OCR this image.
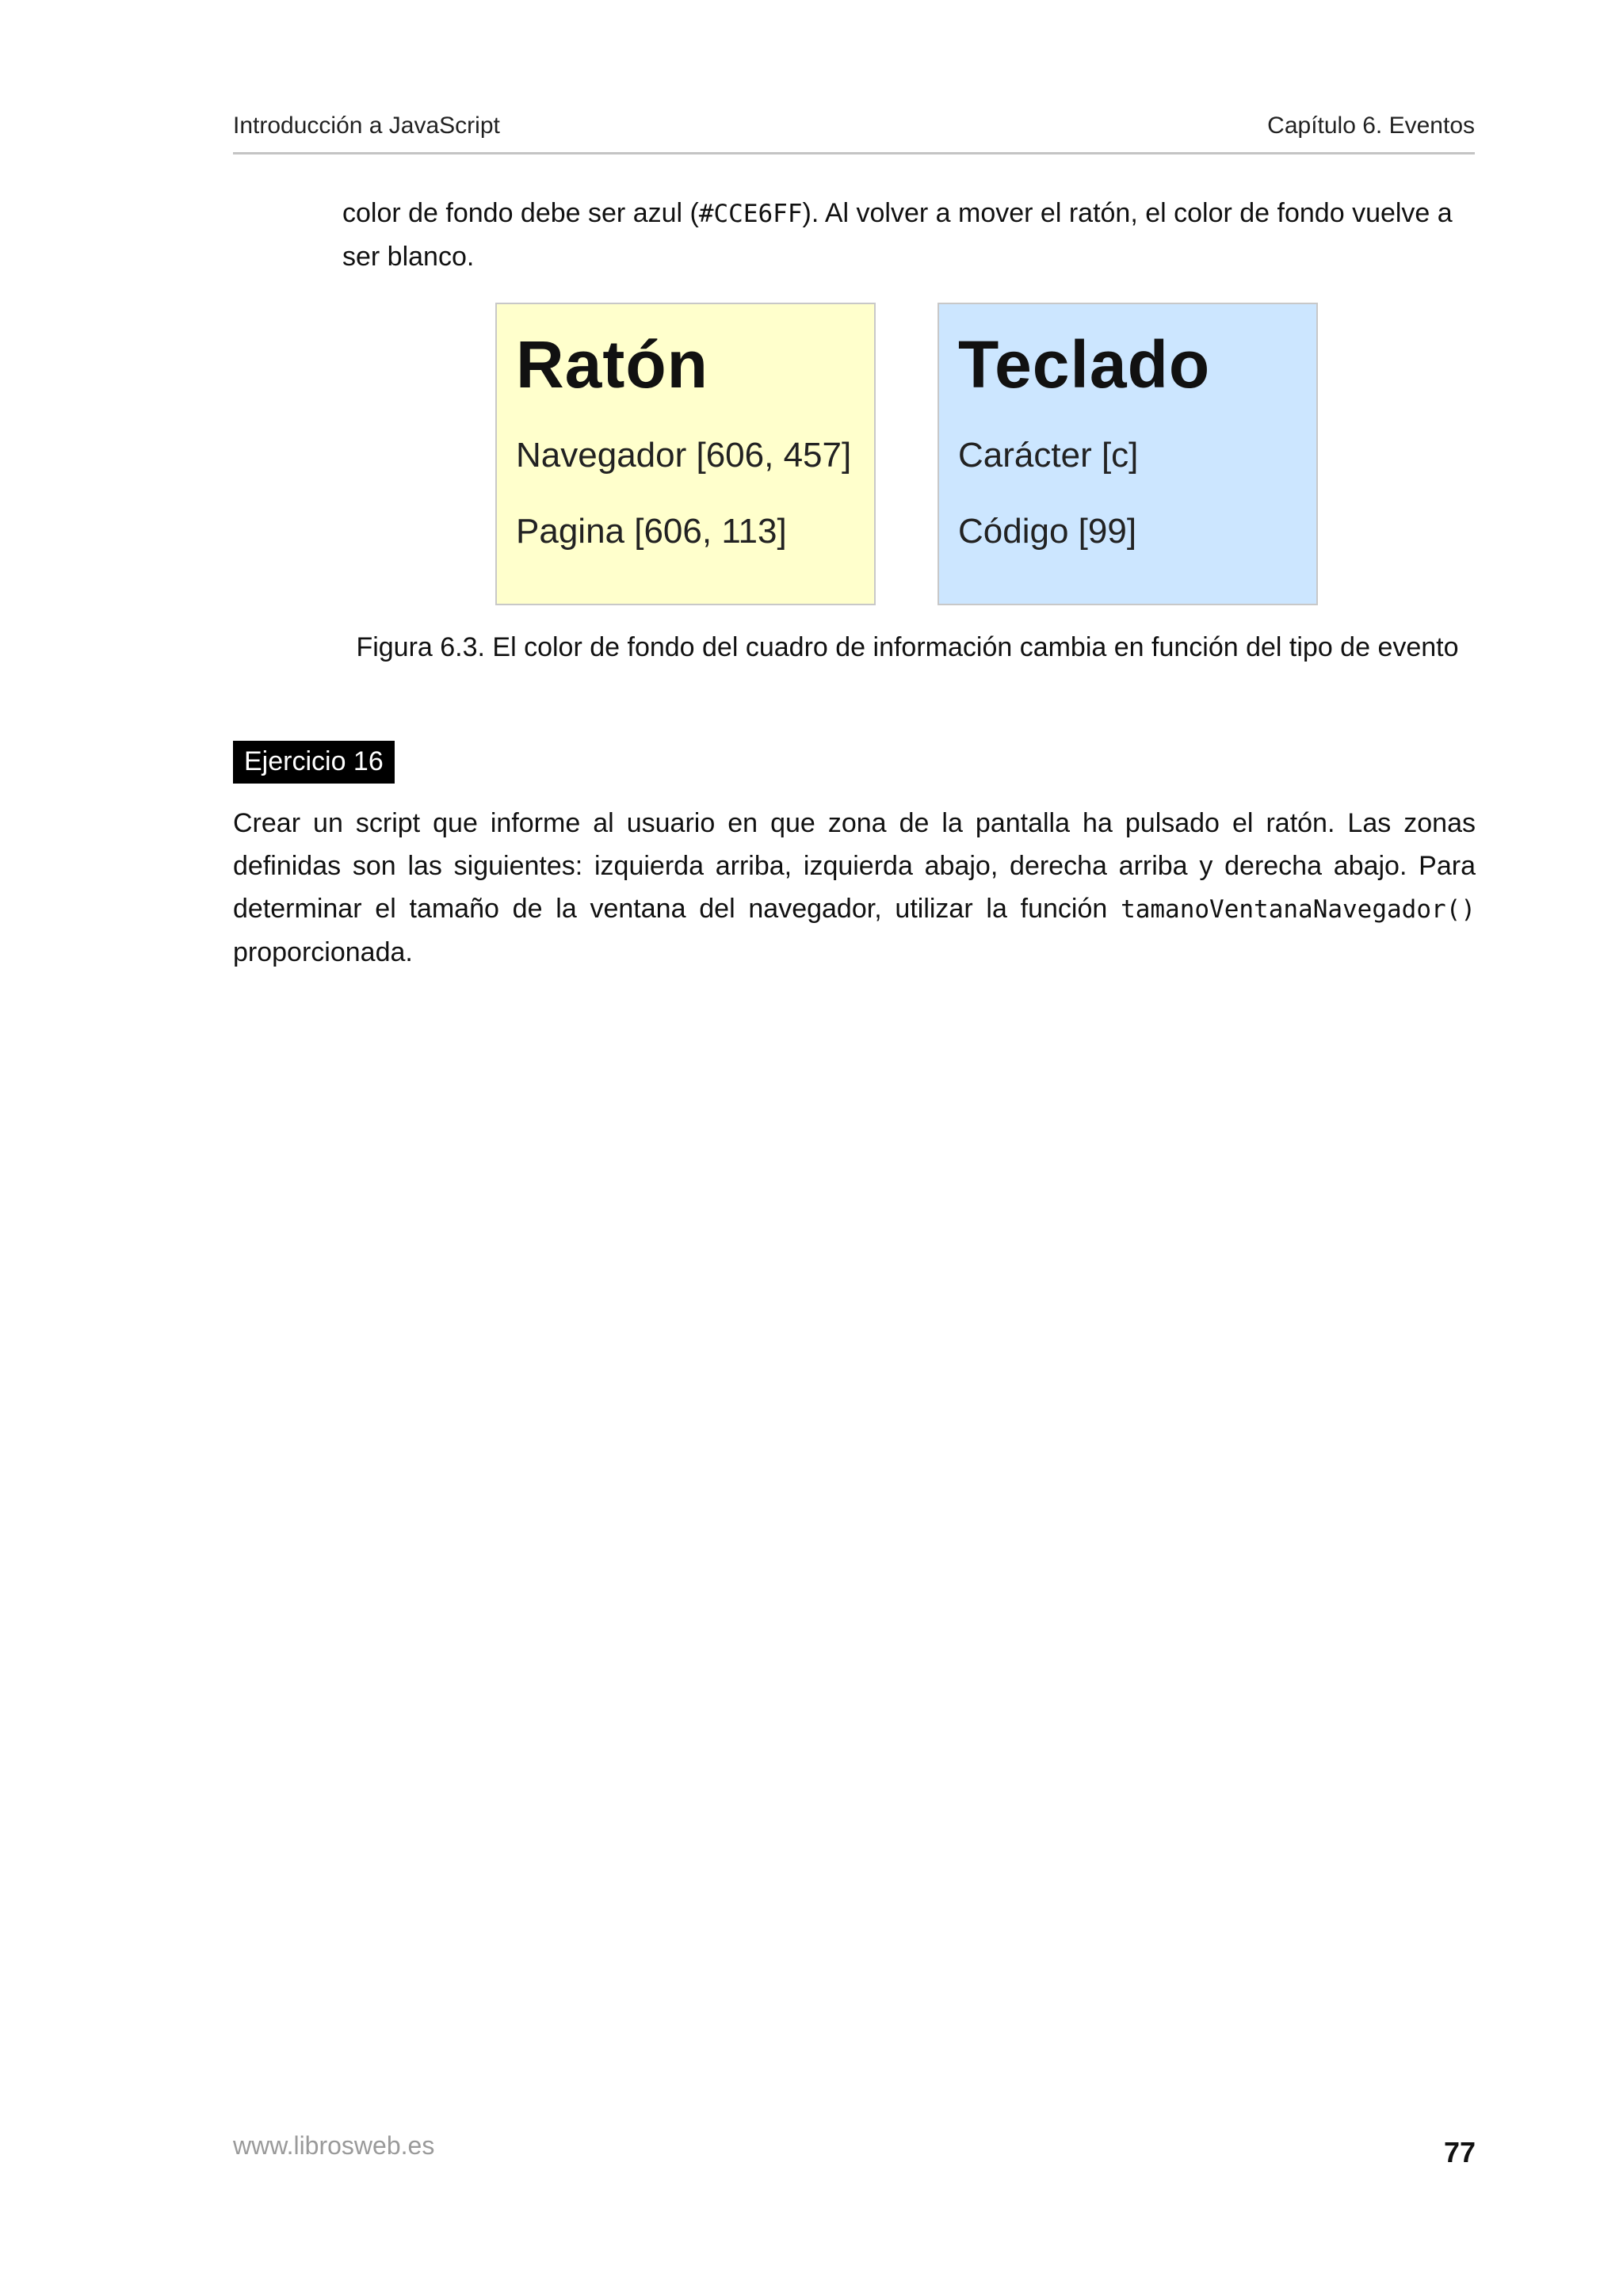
Introducción a JavaScript	Capítulo 6. Eventos
color de fondo debe ser azul (#CCE6FF). Al volver a mover el ratón, el color de fondo vuelve a ser blanco.
Ratón
Navegador [606, 457]
Pagina [606, 113]
Teclado
Carácter [c]
Código [99]
Figura 6.3. El color de fondo del cuadro de información cambia en función del tipo de evento
Ejercicio 16
Crear un script que informe al usuario en que zona de la pantalla ha pulsado el ratón. Las zonas definidas son las siguientes: izquierda arriba, izquierda abajo, derecha arriba y derecha abajo. Para determinar el tamaño de la ventana del navegador, utilizar la función tamanoVentanaNavegador() proporcionada.
www.librosweb.es	77
